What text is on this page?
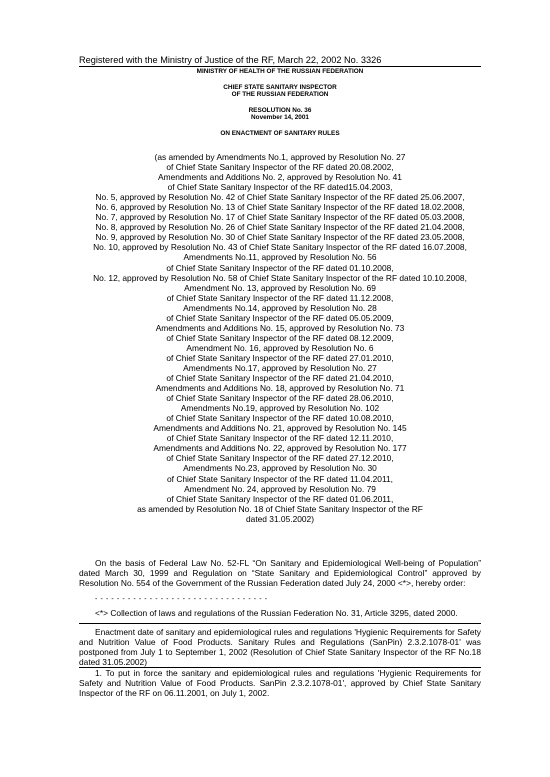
Registered with the Ministry of Justice of the RF, March 22, 2002 No. 3326
MINISTRY OF HEALTH OF THE RUSSIAN FEDERATION
CHIEF STATE SANITARY INSPECTOR
OF THE RUSSIAN FEDERATION
RESOLUTION No. 36
November 14, 2001
ON ENACTMENT OF SANITARY RULES
(as amended by Amendments No.1, approved by Resolution No. 27
of Chief State Sanitary Inspector of the RF dated 20.08.2002,
Amendments and Additions No. 2, approved by Resolution No. 41
of Chief State Sanitary Inspector of the RF dated15.04.2003,
No. 5, approved by Resolution No. 42 of Chief State Sanitary Inspector of the RF dated 25.06.2007,
No. 6, approved by Resolution No. 13 of Chief State Sanitary Inspector of the RF dated 18.02.2008,
No. 7, approved by Resolution No. 17 of Chief State Sanitary Inspector of the RF dated 05.03.2008,
No. 8, approved by Resolution No. 26 of Chief State Sanitary Inspector of the RF dated 21.04.2008,
No. 9, approved by Resolution No. 30 of Chief State Sanitary Inspector of the RF dated 23.05.2008,
No. 10, approved by Resolution No. 43 of Chief State Sanitary Inspector of the RF dated 16.07.2008,
Amendments No.11, approved by Resolution No. 56
of Chief State Sanitary Inspector of the RF dated 01.10.2008,
No. 12, approved by Resolution No. 58 of Chief State Sanitary Inspector of the RF dated 10.10.2008,
Amendment No. 13, approved by Resolution No. 69
of Chief State Sanitary Inspector of the RF dated 11.12.2008,
Amendments No.14, approved by Resolution No. 28
of Chief State Sanitary Inspector of the RF dated 05.05.2009,
Amendments and Additions No. 15, approved by Resolution No. 73
of Chief State Sanitary Inspector of the RF dated 08.12.2009,
Amendment No. 16, approved by Resolution No. 6
of Chief State Sanitary Inspector of the RF dated 27.01.2010,
Amendments No.17, approved by Resolution No. 27
of Chief State Sanitary Inspector of the RF dated 21.04.2010,
Amendments and Additions No. 18, approved by Resolution No. 71
of Chief State Sanitary Inspector of the RF dated 28.06.2010,
Amendments No.19, approved by Resolution No. 102
of Chief State Sanitary Inspector of the RF dated 10.08.2010,
Amendments and Additions No. 21, approved by Resolution No. 145
of Chief State Sanitary Inspector of the RF dated 12.11.2010,
Amendments and Additions No. 22, approved by Resolution No. 177
of Chief State Sanitary Inspector of the RF dated 27.12.2010,
Amendments No.23, approved by Resolution No. 30
of Chief State Sanitary Inspector of the RF dated 11.04.2011,
Amendment No. 24, approved by Resolution No. 79
of Chief State Sanitary Inspector of the RF dated 01.06.2011,
as amended by Resolution No. 18 of Chief State Sanitary Inspector of the RF
dated 31.05.2002)
On the basis of Federal Law No. 52-FL “On Sanitary and Epidemiological Well-being of Population” dated March 30, 1999 and Regulation on “State Sanitary and Epidemiological Control” approved by Resolution No. 554 of the Government of the Russian Federation dated July 24, 2000 <*>, hereby order:
- - - - - - - - - - - - - - - - - - - - - - - - - - - - - - - -
<*> Collection of laws and regulations of the Russian Federation No. 31, Article 3295, dated 2000.
Enactment date of sanitary and epidemiological rules and regulations 'Hygienic Requirements for Safety and Nutrition Value of Food Products. Sanitary Rules and Regulations (SanPin) 2.3.2.1078-01' was postponed from July 1 to September 1, 2002 (Resolution of Chief State Sanitary Inspector of the RF No.18 dated 31.05.2002)
1. To put in force the sanitary and epidemiological rules and regulations 'Hygienic Requirements for Safety and Nutrition Value of Food Products. SanPin 2.3.2.1078-01', approved by Chief State Sanitary Inspector of the RF on 06.11.2001, on July 1, 2002.
